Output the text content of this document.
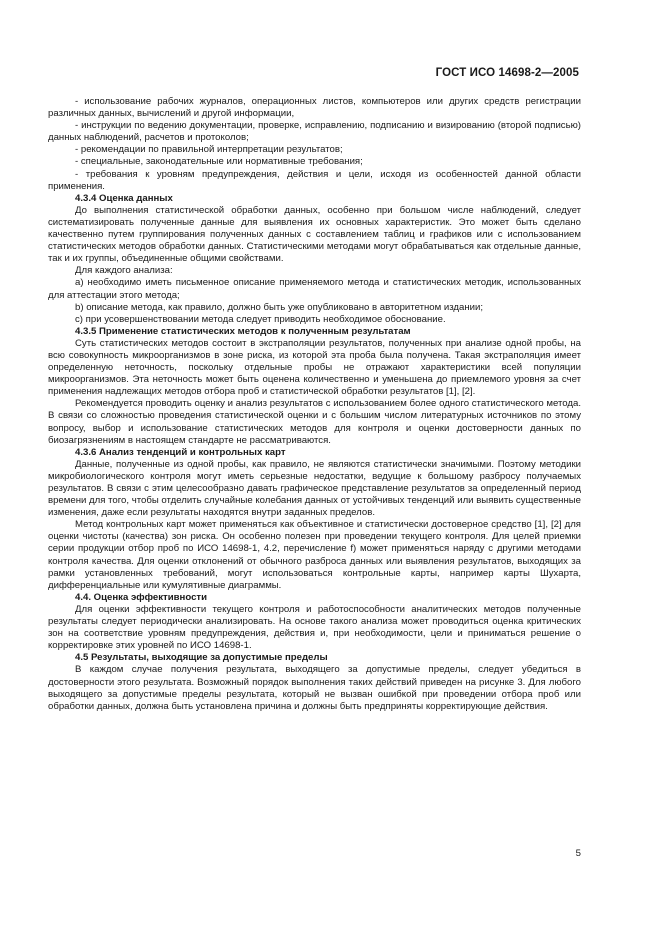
ГОСТ ИСО 14698-2—2005

- использование рабочих журналов, операционных листов, компьютеров или других средств регистрации различных данных, вычислений и другой информации,

- инструкции по ведению документации, проверке, исправлению, подписанию и визированию (второй подписью) данных наблюдений, расчетов и протоколов;

- рекомендации по правильной интерпретации результатов;

- специальные, законодательные или нормативные требования;

- требования к уровням предупреждения, действия и цели, исходя из особенностей данной области применения.

4.3.4 Оценка данных

До выполнения статистической обработки данных, особенно при большом числе наблюдений, следует систематизировать полученные данные для выявления их основных характеристик. Это может быть сделано качественно путем группирования полученных данных с составлением таблиц и графиков или с использованием статистических методов обработки данных. Статистическими методами могут обрабатываться как отдельные данные, так и их группы, объединенные общими свойствами.

Для каждого анализа:

а) необходимо иметь письменное описание применяемого метода и статистических методик, использованных для аттестации этого метода;

b) описание метода, как правило, должно быть уже опубликовано в авторитетном издании;

c) при усовершенствовании метода следует приводить необходимое обоснование.

4.3.5 Применение статистических методов к полученным результатам

Суть статистических методов состоит в экстраполяции результатов, полученных при анализе одной пробы, на всю совокупность микроорганизмов в зоне риска, из которой эта проба была получена. Такая экстраполяция имеет определенную неточность, поскольку отдельные пробы не отражают характеристики всей популяции микроорганизмов. Эта неточность может быть оценена количественно и уменьшена до приемлемого уровня за счет применения надлежащих методов отбора проб и статистической обработки результатов [1], [2].

Рекомендуется проводить оценку и анализ результатов с использованием более одного статистического метода. В связи со сложностью проведения статистической оценки и с большим числом литературных источников по этому вопросу, выбор и использование статистических методов для контроля и оценки достоверности данных по биозагрязнениям в настоящем стандарте не рассматриваются.

4.3.6 Анализ тенденций и контрольных карт

Данные, полученные из одной пробы, как правило, не являются статистически значимыми. Поэтому методики микробиологического контроля могут иметь серьезные недостатки, ведущие к большому разбросу получаемых результатов. В связи с этим целесообразно давать графическое представление результатов за определенный период времени для того, чтобы отделить случайные колебания данных от устойчивых тенденций или выявить существенные изменения, даже если результаты находятся внутри заданных пределов.

Метод контрольных карт может применяться как объективное и статистически достоверное средство [1], [2] для оценки чистоты (качества) зон риска. Он особенно полезен при проведении текущего контроля. Для целей приемки серии продукции отбор проб по ИСО 14698-1, 4.2, перечисление f) может применяться наряду с другими методами контроля качества. Для оценки отклонений от обычного разброса данных или выявления результатов, выходящих за рамки установленных требований, могут использоваться контрольные карты, например карты Шухарта, дифференциальные или кумулятивные диаграммы.

4.4. Оценка эффективности

Для оценки эффективности текущего контроля и работоспособности аналитических методов полученные результаты следует периодически анализировать. На основе такого анализа может проводиться оценка критических зон на соответствие уровням предупреждения, действия и, при необходимости, цели и приниматься решение о корректировке этих уровней по ИСО 14698-1.

4.5 Результаты, выходящие за допустимые пределы

В каждом случае получения результата, выходящего за допустимые пределы, следует убедиться в достоверности этого результата. Возможный порядок выполнения таких действий приведен на рисунке 3. Для любого выходящего за допустимые пределы результата, который не вызван ошибкой при проведении отбора проб или обработки данных, должна быть установлена причина и должны быть предприняты корректирующие действия.

5
